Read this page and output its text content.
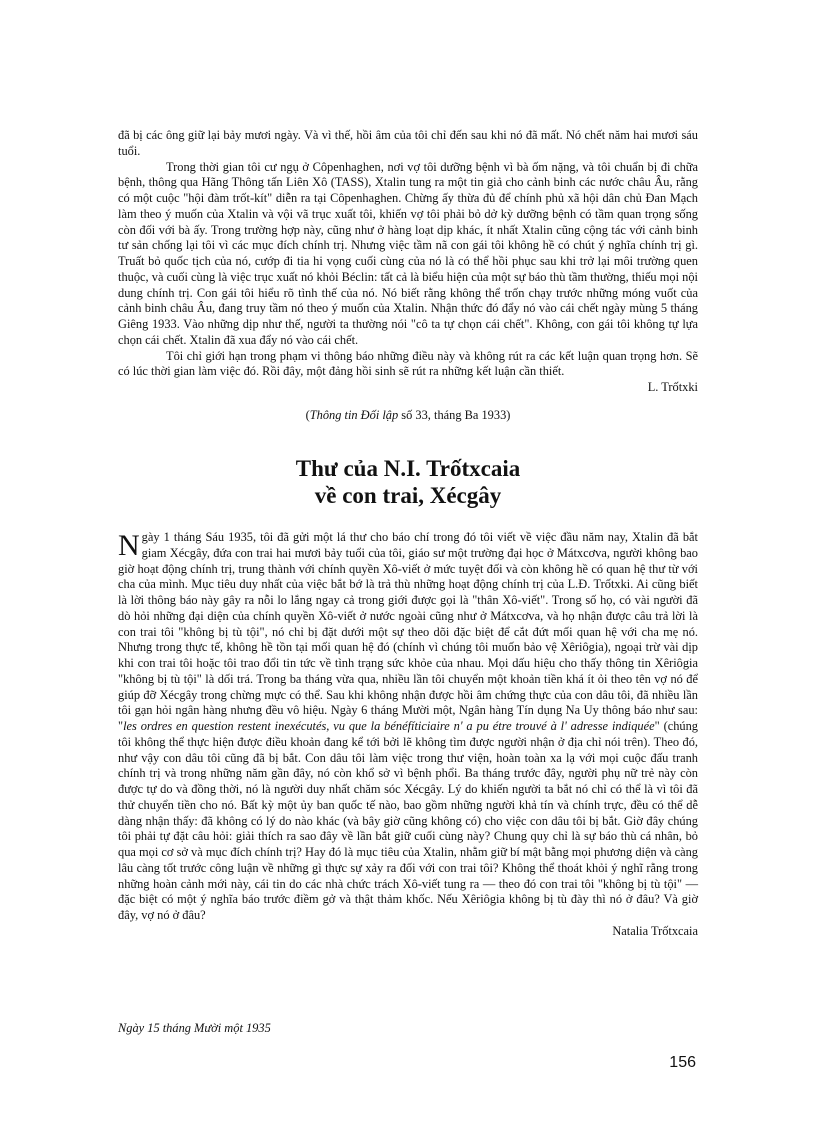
đã bị các ông giữ lại bảy mươi ngày. Và vì thế, hồi âm của tôi chỉ đến sau khi nó đã mất. Nó chết năm hai mươi sáu tuổi.

Trong thời gian tôi cư ngụ ở Côpenhaghen, nơi vợ tôi dưỡng bệnh vì bà ốm nặng, và tôi chuẩn bị đi chữa bệnh, thông qua Hãng Thông tấn Liên Xô (TASS), Xtalin tung ra một tin giả cho cảnh binh các nước châu Âu, rằng có một cuộc "hội đàm trốt-kít" diễn ra tại Côpenhaghen. Chừng ấy thừa đủ để chính phủ xã hội dân chủ Đan Mạch làm theo ý muốn của Xtalin và vội vã trục xuất tôi, khiến vợ tôi phải bỏ dở kỳ dưỡng bệnh có tầm quan trọng sống còn đối với bà ấy. Trong trường hợp này, cũng như ở hàng loạt dịp khác, ít nhất Xtalin cũng cộng tác với cảnh binh tư sản chống lại tôi vì các mục đích chính trị. Nhưng việc tầm nã con gái tôi không hề có chút ý nghĩa chính trị gì. Truất bỏ quốc tịch của nó, cướp đi tia hi vọng cuối cùng của nó là có thể hồi phục sau khi trở lại môi trường quen thuộc, và cuối cùng là việc trục xuất nó khỏi Béclin: tất cả là biểu hiện của một sự báo thù tầm thường, thiếu mọi nội dung chính trị. Con gái tôi hiểu rõ tình thế của nó. Nó biết rằng không thể trốn chạy trước những móng vuốt của cảnh binh châu Âu, đang truy tầm nó theo ý muốn của Xtalin. Nhận thức đó đẩy nó vào cái chết ngày mùng 5 tháng Giêng 1933. Vào những dịp như thế, người ta thường nói "cô ta tự chọn cái chết". Không, con gái tôi không tự lựa chọn cái chết. Xtalin đã xua đẩy nó vào cái chết.

Tôi chỉ giới hạn trong phạm vi thông báo những điều này và không rút ra các kết luận quan trọng hơn. Sẽ có lúc thời gian làm việc đó. Rồi đây, một đảng hồi sinh sẽ rút ra những kết luận cần thiết.

L. Trốtxki
(Thông tin Đối lập số 33, tháng Ba 1933)
Thư của N.I. Trốtxcaia
về con trai, Xécgây

Ngày 1 tháng Sáu 1935, tôi đã gửi một lá thư cho báo chí trong đó tôi viết về việc đầu năm nay, Xtalin đã bắt giam Xécgây, đứa con trai hai mươi bảy tuổi của tôi, giáo sư một trường đại học ở Mátxcơva, người không bao giờ hoạt động chính trị, trung thành với chính quyền Xô-viết ở mức tuyệt đối và còn không hề có quan hệ thư từ với cha của mình. Mục tiêu duy nhất của việc bắt bớ là trả thù những hoạt động chính trị của L.Đ. Trốtxki. Ai cũng biết là lời thông báo này gây ra nỗi lo lắng ngay cả trong giới được gọi là "thân Xô-viết". Trong số họ, có vài người đã dò hỏi những đại diện của chính quyền Xô-viết ở nước ngoài cũng như ở Mátxcơva, và họ nhận được câu trả lời là con trai tôi "không bị tù tội", nó chỉ bị đặt dưới một sự theo dõi đặc biệt để cắt đứt mối quan hệ với cha mẹ nó. Nhưng trong thực tế, không hề tồn tại mối quan hệ đó (chính vì chúng tôi muốn bảo vệ Xêriôgia), ngoại trừ vài dịp khi con trai tôi hoặc tôi trao đổi tin tức về tình trạng sức khỏe của nhau. Mọi dấu hiệu cho thấy thông tin Xêriôgia "không bị tù tội" là dối trá. Trong ba tháng vừa qua, nhiều lần tôi chuyển một khoản tiền khá ít ỏi theo tên vợ nó để giúp đỡ Xécgây trong chừng mực có thể. Sau khi không nhận được hồi âm chứng thực của con dâu tôi, đã nhiều lần tôi gạn hỏi ngân hàng nhưng đều vô hiệu. Ngày 6 tháng Mười một, Ngân hàng Tín dụng Na Uy thông báo như sau: "les ordres en question restent inexécutés, vu que la bénéfíticiaire n' a pu étre trouvé à l' adresse indiquée" (chúng tôi không thể thực hiện được điều khoản đang kể tới bởi lẽ không tìm được người nhận ở địa chỉ nói trên). Theo đó, như vậy con dâu tôi cũng đã bị bắt. Con dâu tôi làm việc trong thư viện, hoàn toàn xa lạ với mọi cuộc đấu tranh chính trị và trong những năm gần đây, nó còn khổ sở vì bệnh phổi. Ba tháng trước đây, người phụ nữ trẻ này còn được tự do và đồng thời, nó là người duy nhất chăm sóc Xécgây. Lý do khiến người ta bắt nó chỉ có thể là vì tôi đã thử chuyển tiền cho nó. Bất kỳ một ủy ban quốc tế nào, bao gồm những người khả tín và chính trực, đều có thể dễ dàng nhận thấy: đã không có lý do nào khác (và bây giờ cũng không có) cho việc con dâu tôi bị bắt. Giờ đây chúng tôi phải tự đặt câu hỏi: giải thích ra sao đây về lần bắt giữ cuối cùng này? Chung quy chỉ là sự báo thù cá nhân, bỏ qua mọi cơ sở và mục đích chính trị? Hay đó là mục tiêu của Xtalin, nhằm giữ bí mật bằng mọi phương diện và càng lâu càng tốt trước công luận về những gì thực sự xảy ra đối với con trai tôi? Không thể thoát khỏi ý nghĩ rằng trong những hoàn cảnh mới này, cái tin do các nhà chức trách Xô-viết tung ra — theo đó con trai tôi "không bị tù tội" — đặc biệt có một ý nghĩa báo trước điềm gở và thật thảm khốc. Nếu Xêriôgia không bị tù đày thì nó ở đâu? Và giờ đây, vợ nó ở đâu?

Natalia Trốtxcaia
Ngày 15 tháng Mười một 1935
156
